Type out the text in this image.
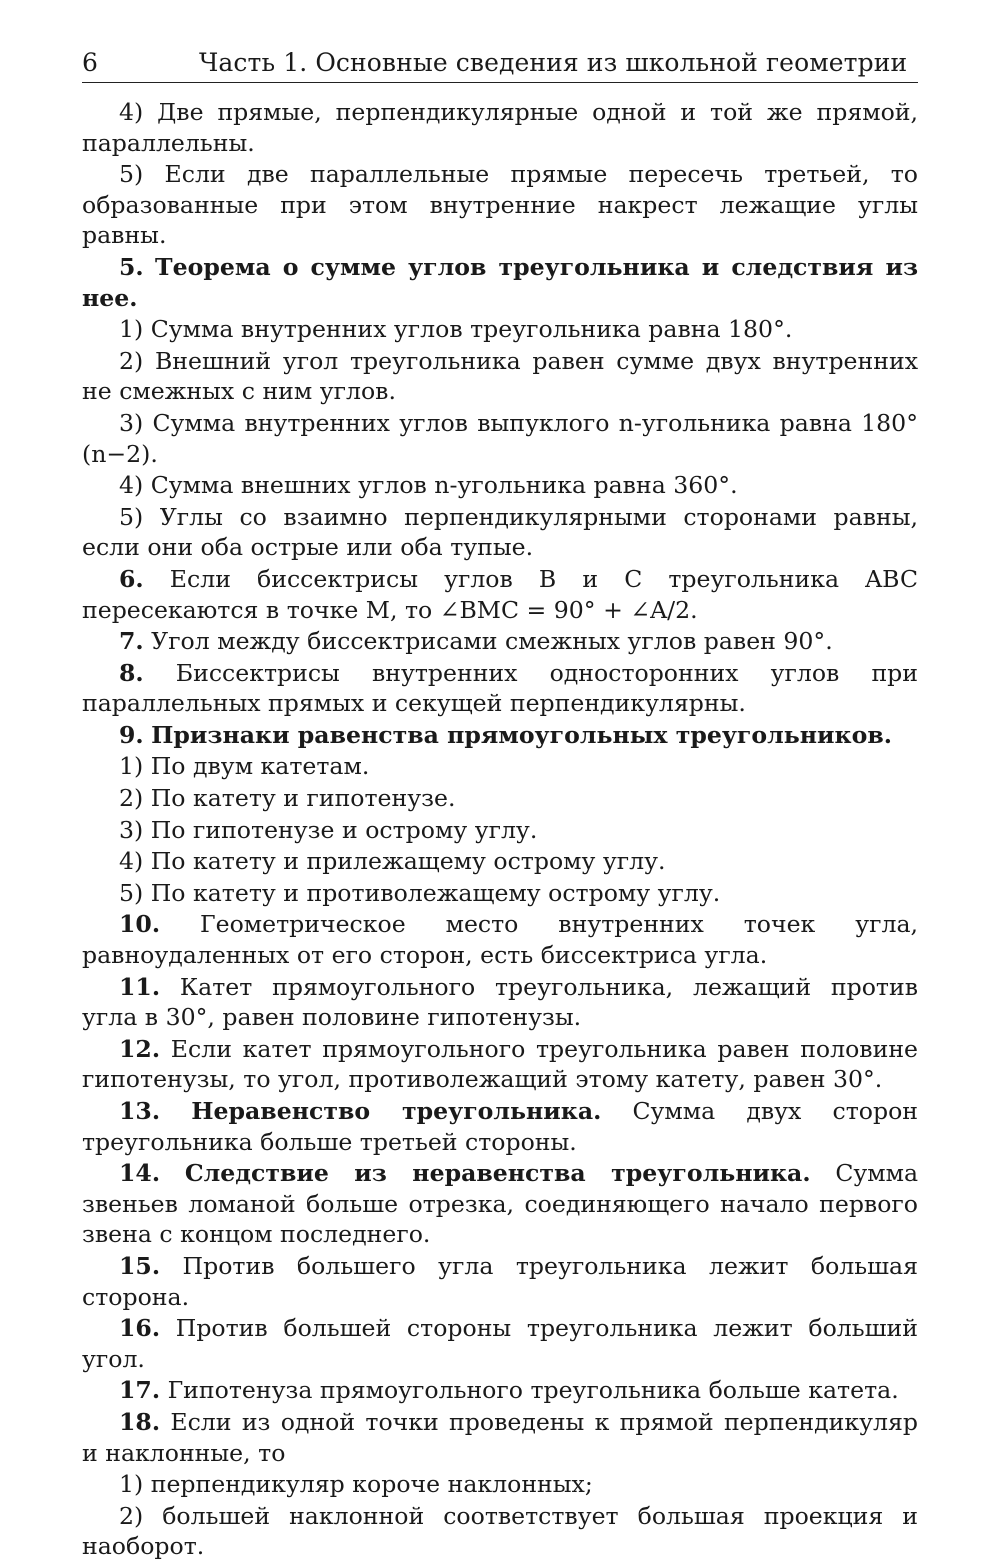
6	Часть 1. Основные сведения из школьной геометрии

4) Две прямые, перпендикулярные одной и той же прямой, параллельны.

5) Если две параллельные прямые пересечь третьей, то образованные при этом внутренние накрест лежащие углы равны.

5. Теорема о сумме углов треугольника и следствия из нее.

1) Сумма внутренних углов треугольника равна 180°.

2) Внешний угол треугольника равен сумме двух внутренних не смежных с ним углов.

3) Сумма внутренних углов выпуклого n-угольника равна 180°(n−2).

4) Сумма внешних углов n-угольника равна 360°.

5) Углы со взаимно перпендикулярными сторонами равны, если они оба острые или оба тупые.

6. Если биссектрисы углов B и C треугольника ABC пересекаются в точке M, то ∠BMC = 90° + ∠A/2.

7. Угол между биссектрисами смежных углов равен 90°.

8. Биссектрисы внутренних односторонних углов при параллельных прямых и секущей перпендикулярны.

9. Признаки равенства прямоугольных треугольников.

1) По двум катетам.

2) По катету и гипотенузе.

3) По гипотенузе и острому углу.

4) По катету и прилежащему острому углу.

5) По катету и противолежащему острому углу.

10. Геометрическое место внутренних точек угла, равноудаленных от его сторон, есть биссектриса угла.

11. Катет прямоугольного треугольника, лежащий против угла в 30°, равен половине гипотенузы.

12. Если катет прямоугольного треугольника равен половине гипотенузы, то угол, противолежащий этому катету, равен 30°.

13. Неравенство треугольника. Сумма двух сторон треугольника больше третьей стороны.

14. Следствие из неравенства треугольника. Сумма звеньев ломаной больше отрезка, соединяющего начало первого звена с концом последнего.

15. Против большего угла треугольника лежит большая сторона.

16. Против большей стороны треугольника лежит больший угол.

17. Гипотенуза прямоугольного треугольника больше катета.

18. Если из одной точки проведены к прямой перпендикуляр и наклонные, то

1) перпендикуляр короче наклонных;

2) большей наклонной соответствует большая проекция и наоборот.
